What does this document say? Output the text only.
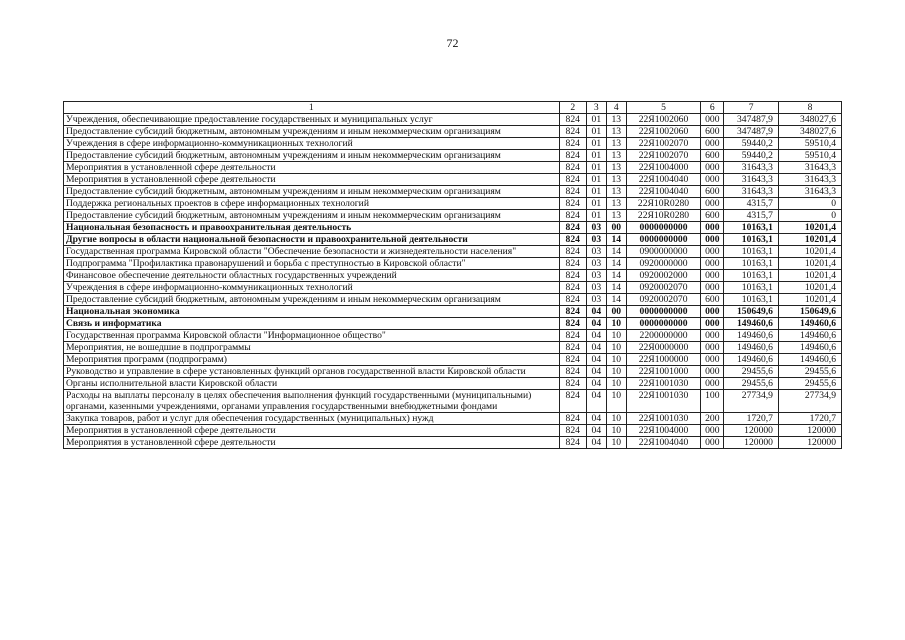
72
1	2	3	4	5	6	7	8
Учреждения, обеспечивающие предоставление государственных и муниципальных услуг	824	01	13	22Я1002060	000	347487,9	348027,6
Предоставление субсидий бюджетным, автономным учреждениям и иным некоммерческим организациям	824	01	13	22Я1002060	600	347487,9	348027,6
Учреждения в сфере информационно-коммуникационных технологий	824	01	13	22Я1002070	000	59440,2	59510,4
Предоставление субсидий бюджетным, автономным учреждениям и иным некоммерческим организациям	824	01	13	22Я1002070	600	59440,2	59510,4
Мероприятия в установленной сфере деятельности	824	01	13	22Я1004000	000	31643,3	31643,3
Мероприятия в установленной сфере деятельности	824	01	13	22Я1004040	000	31643,3	31643,3
Предоставление субсидий бюджетным, автономным учреждениям и иным некоммерческим организациям	824	01	13	22Я1004040	600	31643,3	31643,3
Поддержка региональных проектов в сфере информационных технологий	824	01	13	22Я10R0280	000	4315,7	0
Предоставление субсидий бюджетным, автономным учреждениям и иным некоммерческим организациям	824	01	13	22Я10R0280	600	4315,7	0
Национальная безопасность и правоохранительная деятельность	824	03	00	0000000000	000	10163,1	10201,4
Другие вопросы в области национальной безопасности и правоохранительной деятельности	824	03	14	0000000000	000	10163,1	10201,4
Государственная программа Кировской области "Обеспечение безопасности и жизнедеятельности населения"	824	03	14	0900000000	000	10163,1	10201,4
Подпрограмма "Профилактика правонарушений и борьба с преступностью в Кировской области"	824	03	14	0920000000	000	10163,1	10201,4
Финансовое обеспечение деятельности областных государственных учреждений	824	03	14	0920002000	000	10163,1	10201,4
Учреждения в сфере информационно-коммуникационных технологий	824	03	14	0920002070	000	10163,1	10201,4
Предоставление субсидий бюджетным, автономным учреждениям и иным некоммерческим организациям	824	03	14	0920002070	600	10163,1	10201,4
Национальная экономика	824	04	00	0000000000	000	150649,6	150649,6
Связь и информатика	824	04	10	0000000000	000	149460,6	149460,6
Государственная программа Кировской области "Информационное общество"	824	04	10	2200000000	000	149460,6	149460,6
Мероприятия, не вошедшие в подпрограммы	824	04	10	22Я0000000	000	149460,6	149460,6
Мероприятия программ (подпрограмм)	824	04	10	22Я1000000	000	149460,6	149460,6
Руководство и управление в сфере установленных функций органов государственной власти Кировской области	824	04	10	22Я1001000	000	29455,6	29455,6
Органы исполнительной власти Кировской области	824	04	10	22Я1001030	000	29455,6	29455,6
Расходы на выплаты персоналу в целях обеспечения выполнения функций государственными (муниципальными) органами, казенными учреждениями, органами управления государственными внебюджетными фондами	824	04	10	22Я1001030	100	27734,9	27734,9
Закупка товаров, работ и услуг для обеспечения государственных (муниципальных) нужд	824	04	10	22Я1001030	200	1720,7	1720,7
Мероприятия в установленной сфере деятельности	824	04	10	22Я1004000	000	120000	120000
Мероприятия в установленной сфере деятельности	824	04	10	22Я1004040	000	120000	120000
